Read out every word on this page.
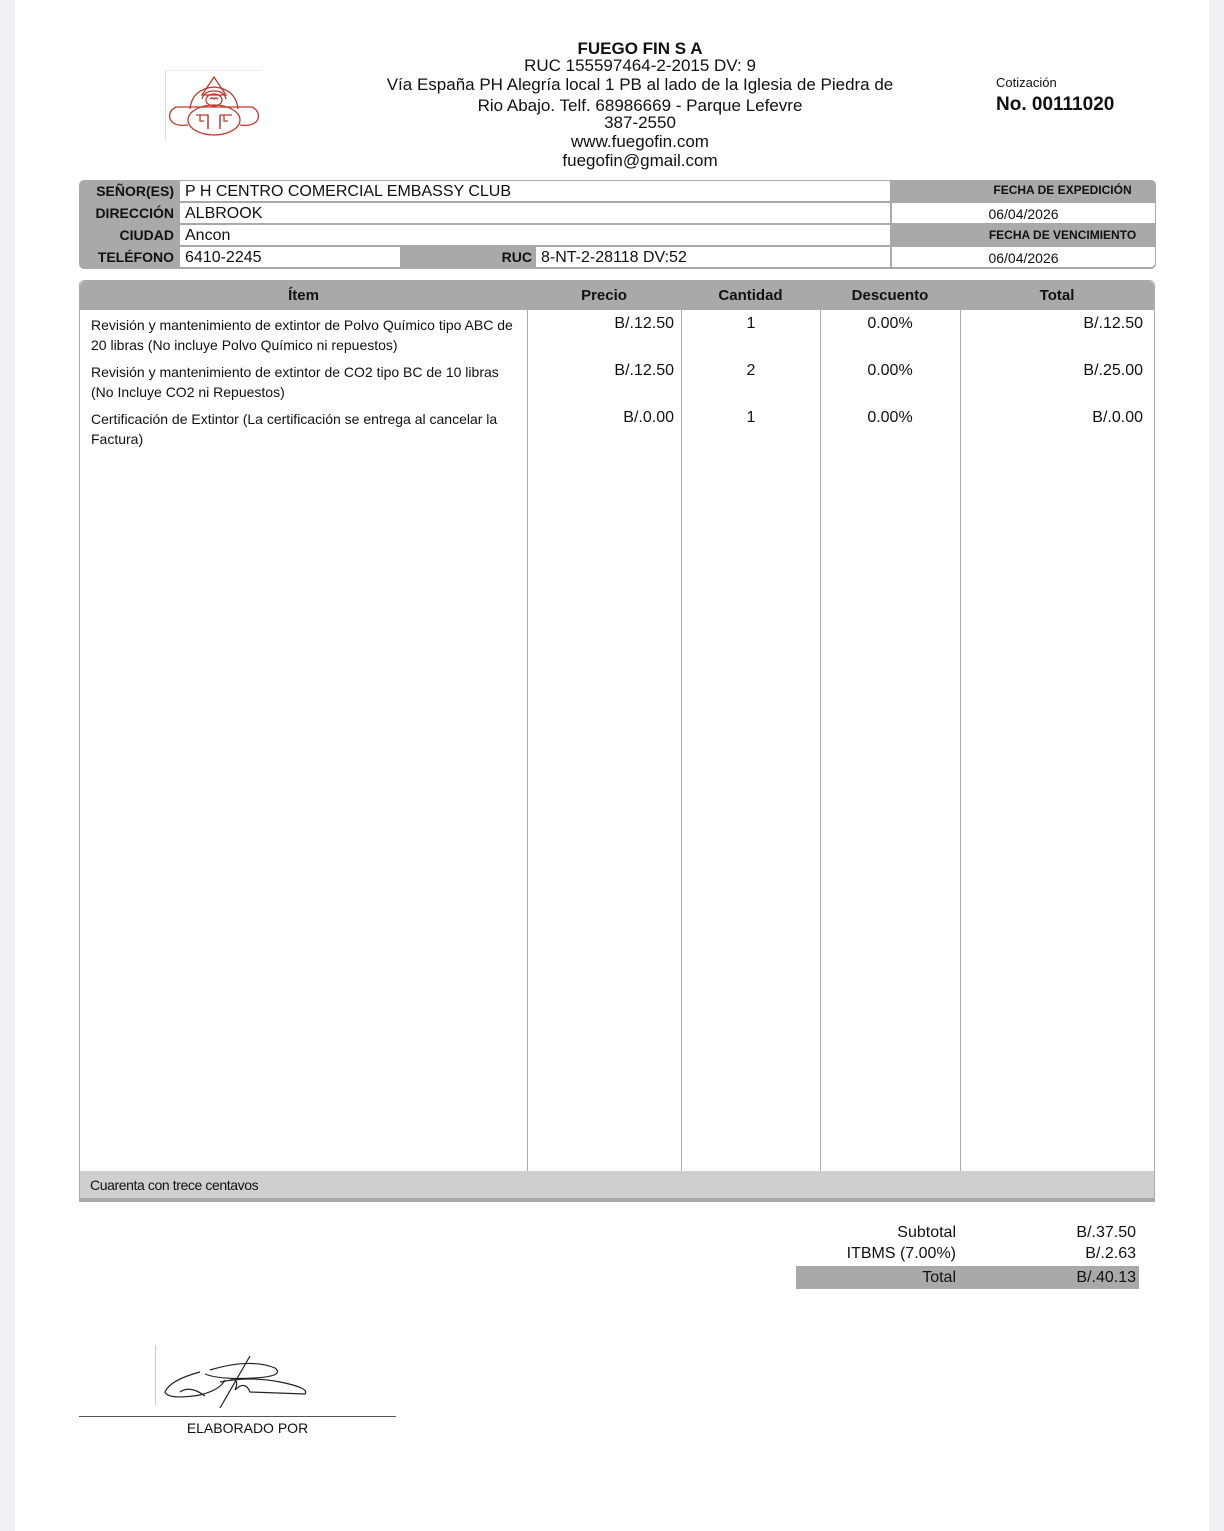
FUEGO FIN S A
RUC 155597464-2-2015 DV: 9
Vía España PH Alegría local 1 PB al lado de la Iglesia de Piedra de
Rio Abajo. Telf. 68986669 - Parque Lefevre
387-2550
www.fuegofin.com
fuegofin@gmail.com
Cotización
No. 00111020
SEÑOR(ES) P H CENTRO COMERCIAL EMBASSY CLUB
DIRECCIÓN ALBROOK
CIUDAD Ancon
TELÉFONO 6410-2245	RUC 8-NT-2-28118 DV:52
FECHA DE EXPEDICIÓN
06/04/2026
FECHA DE VENCIMIENTO
06/04/2026
Ítem	Precio	Cantidad	Descuento	Total
Revisión y mantenimiento de extintor de Polvo Químico tipo ABC de 20 libras (No incluye Polvo Químico ni repuestos)
B/.12.50	1	0.00%	B/.12.50
Revisión y mantenimiento de extintor de CO2 tipo BC de 10 libras (No Incluye CO2 ni Repuestos)
B/.12.50	2	0.00%	B/.25.00
Certificación de Extintor (La certificación se entrega al cancelar la Factura)
B/.0.00	1	0.00%	B/.0.00
Cuarenta con trece centavos
Subtotal	B/.37.50
ITBMS (7.00%)	B/.2.63
Total	B/.40.13
ELABORADO POR
